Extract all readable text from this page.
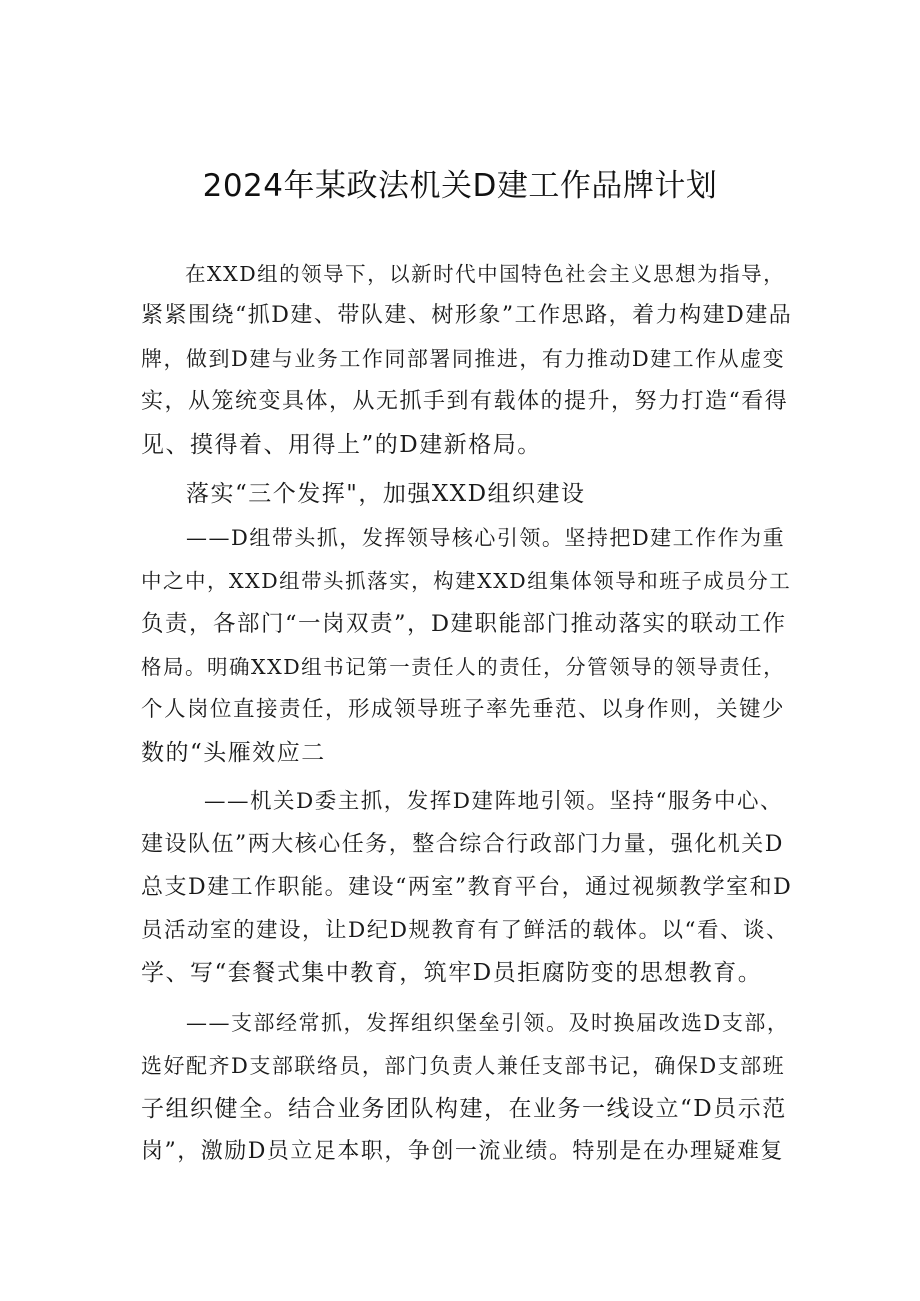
2024年某政法机关D建工作品牌计划
在XXD组的领导下，以新时代中国特色社会主义思想为指导，
紧紧围绕“抓D建、带队建、树形象”工作思路，着力构建D建品
牌，做到D建与业务工作同部署同推进，有力推动D建工作从虚变
实，从笼统变具体，从无抓手到有载体的提升，努力打造“看得
见、摸得着、用得上”的D建新格局。
落实“三个发挥"，加强XXD组织建设
——D组带头抓，发挥领导核心引领。坚持把D建工作作为重
中之中，XXD组带头抓落实，构建XXD组集体领导和班子成员分工
负责，各部门“一岗双责”，D建职能部门推动落实的联动工作
格局。明确XXD组书记第一责任人的责任，分管领导的领导责任，
个人岗位直接责任，形成领导班子率先垂范、以身作则，关键少
数的“头雁效应二
——机关D委主抓，发挥D建阵地引领。坚持“服务中心、
建设队伍”两大核心任务，整合综合行政部门力量，强化机关D
总支D建工作职能。建设“两室”教育平台，通过视频教学室和D
员活动室的建设，让D纪D规教育有了鲜活的载体。以“看、谈、
学、写“套餐式集中教育，筑牢D员拒腐防变的思想教育。
——支部经常抓，发挥组织堡垒引领。及时换届改选D支部，
选好配齐D支部联络员，部门负责人兼任支部书记，确保D支部班
子组织健全。结合业务团队构建，在业务一线设立“D员示范
岗”，激励D员立足本职，争创一流业绩。特别是在办理疑难复
